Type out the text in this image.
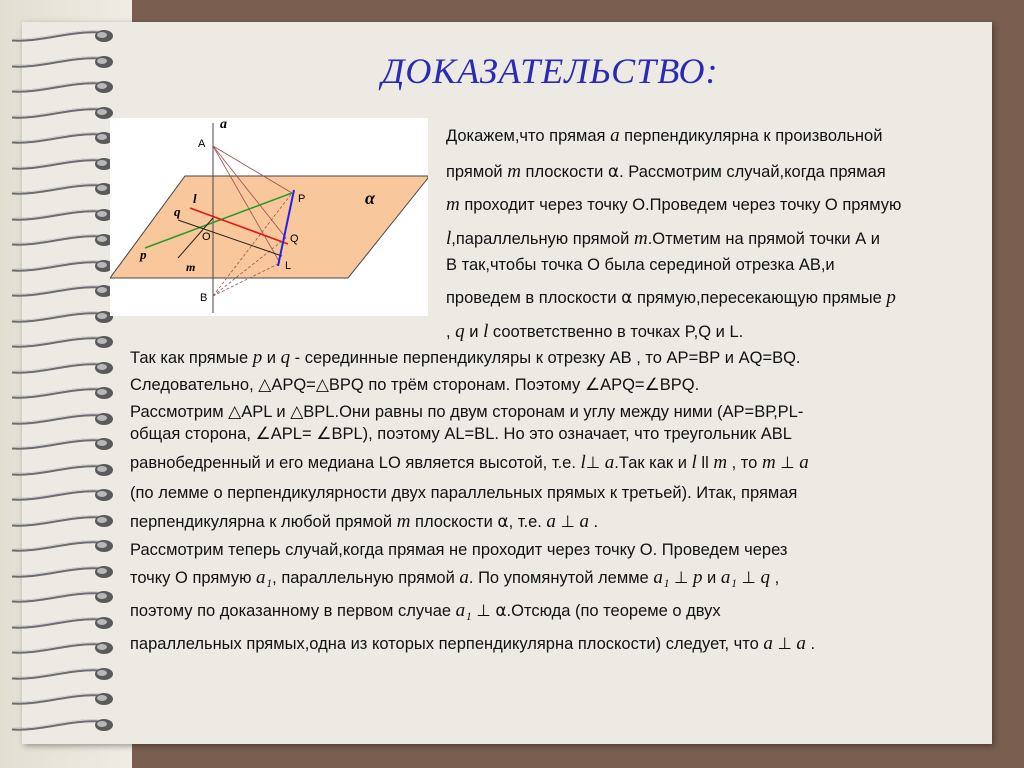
ДОКАЗАТЕЛЬСТВО:
a
A
B
O
P
Q
L
l
q
p
m
α
Докажем,что прямая a перпендикулярна к произвольной
прямой m плоскости α. Рассмотрим случай,когда прямая
m проходит через точку О.Проведем через точку О прямую
l,параллельную прямой m.Отметим на прямой точки А и
В так,чтобы точка О была серединой отрезка АВ,и
проведем в плоскости α прямую,пересекающую прямые p
, q и l соответственно в точках P,Q и L.
Так как прямые p и q - серединные перпендикуляры к отрезку АВ , то АР=ВР и AQ=BQ.
Следовательно, △APQ=△BPQ по трём сторонам. Поэтому ∠APQ=∠BPQ.
Рассмотрим △APL и △BPL.Они равны по двум сторонам и углу между ними (АР=ВР,PL-
общая сторона, ∠APL= ∠BPL), поэтому AL=BL. Но это означает, что треугольник ABL
равнобедренный и его медиана LO является высотой, т.е. l⊥ a.Так как и l ll m , то m ⊥ a
(по лемме о перпендикулярности двух параллельных прямых к третьей). Итак, прямая
перпендикулярна к любой прямой m плоскости α, т.е. a ⊥ a .
Рассмотрим теперь случай,когда прямая не проходит через точку О. Проведем через
точку О прямую a₁, параллельную прямой a. По упомянутой лемме a₁ ⊥ p и a₁ ⊥ q ,
поэтому по доказанному в первом случае a₁ ⊥ α.Отсюда (по теореме о двух
параллельных прямых,одна из которых перпендикулярна плоскости) следует, что a ⊥ a .
